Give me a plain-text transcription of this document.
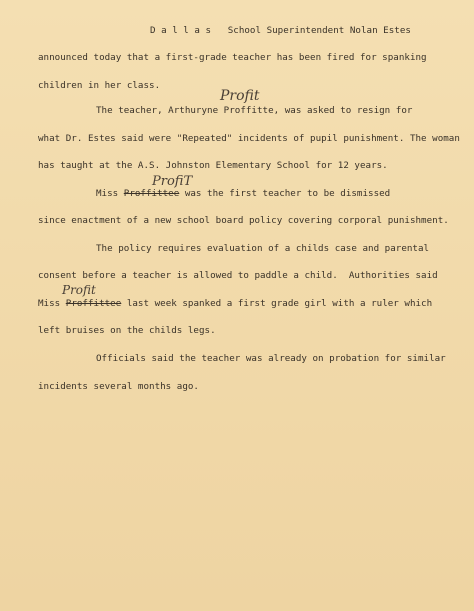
D a l l a s   School Superintendent Nolan Estes
announced today that a first-grade teacher has been fired for spanking
children in her class.
Profit
The teacher, Arthuryne Proffitte, was asked to resign for
what Dr. Estes said were "Repeated" incidents of pupil punishment. The woman
has taught at the A.S. Johnston Elementary School for 12 years.
ProfiT
Miss Proffittee was the first teacher to be dismissed
since enactment of a new school board policy covering corporal punishment.
The policy requires evaluation of a childs case and parental
consent before a teacher is allowed to paddle a child.  Authorities said
Profit
Miss Proffittee last week spanked a first grade girl with a ruler which
left bruises on the childs legs.
Officials said the teacher was already on probation for similar
incidents several months ago.
